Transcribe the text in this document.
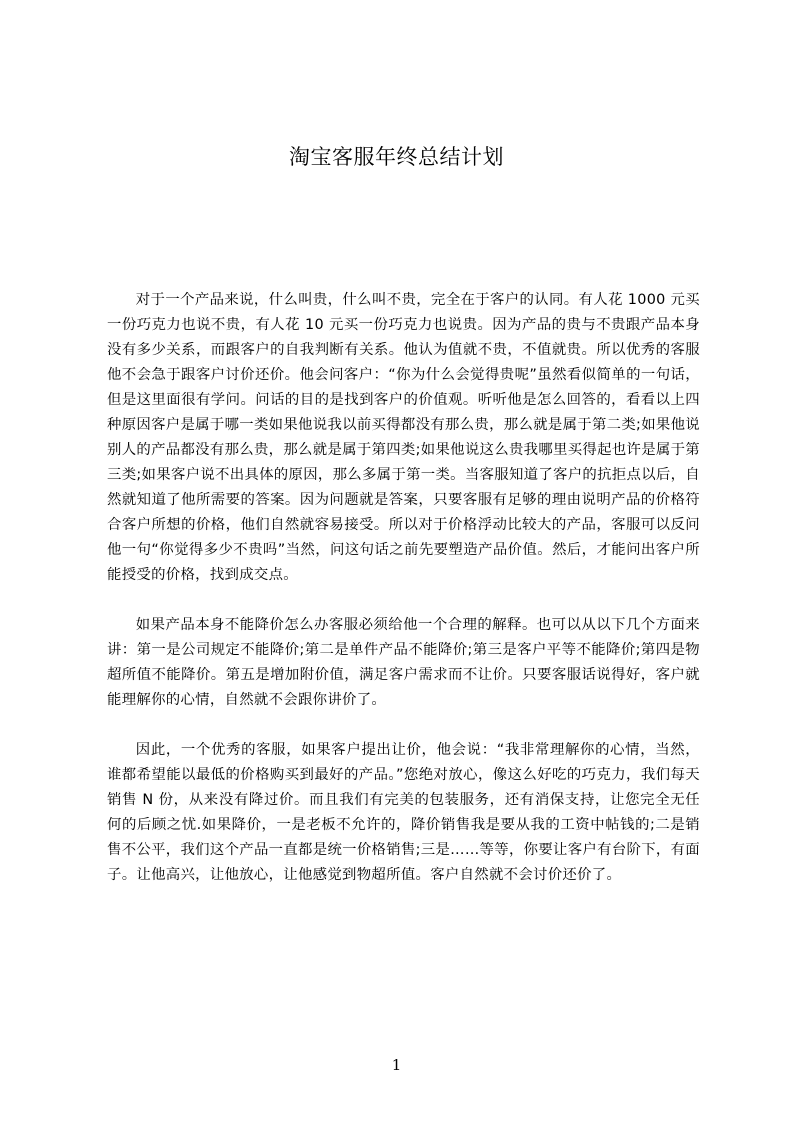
淘宝客服年终总结计划

对于一个产品来说，什么叫贵，什么叫不贵，完全在于客户的认同。有人花 1000 元买一份巧克力也说不贵，有人花 10 元买一份巧克力也说贵。因为产品的贵与不贵跟产品本身没有多少关系，而跟客户的自我判断有关系。他认为值就不贵，不值就贵。所以优秀的客服他不会急于跟客户讨价还价。他会问客户：“你为什么会觉得贵呢”虽然看似简单的一句话，但是这里面很有学问。问话的目的是找到客户的价值观。听听他是怎么回答的，看看以上四种原因客户是属于哪一类如果他说我以前买得都没有那么贵，那么就是属于第二类;如果他说别人的产品都没有那么贵，那么就是属于第四类;如果他说这么贵我哪里买得起也许是属于第三类;如果客户说不出具体的原因，那么多属于第一类。当客服知道了客户的抗拒点以后，自然就知道了他所需要的答案。因为问题就是答案，只要客服有足够的理由说明产品的价格符合客户所想的价格，他们自然就容易接受。所以对于价格浮动比较大的产品，客服可以反问他一句“你觉得多少不贵吗”当然，问这句话之前先要塑造产品价值。然后，才能问出客户所能授受的价格，找到成交点。

如果产品本身不能降价怎么办客服必须给他一个合理的解释。也可以从以下几个方面来讲：第一是公司规定不能降价;第二是单件产品不能降价;第三是客户平等不能降价;第四是物超所值不能降价。第五是增加附价值，满足客户需求而不让价。只要客服话说得好，客户就能理解你的心情，自然就不会跟你讲价了。

因此，一个优秀的客服，如果客户提出让价，他会说：“我非常理解你的心情，当然，谁都希望能以最低的价格购买到最好的产品。”您绝对放心，像这么好吃的巧克力，我们每天销售 N 份，从来没有降过价。而且我们有完美的包装服务，还有消保支持，让您完全无任何的后顾之忧.如果降价，一是老板不允许的，降价销售我是要从我的工资中帖钱的;二是销售不公平，我们这个产品一直都是统一价格销售;三是……等等，你要让客户有台阶下，有面子。让他高兴，让他放心，让他感觉到物超所值。客户自然就不会讨价还价了。

1
